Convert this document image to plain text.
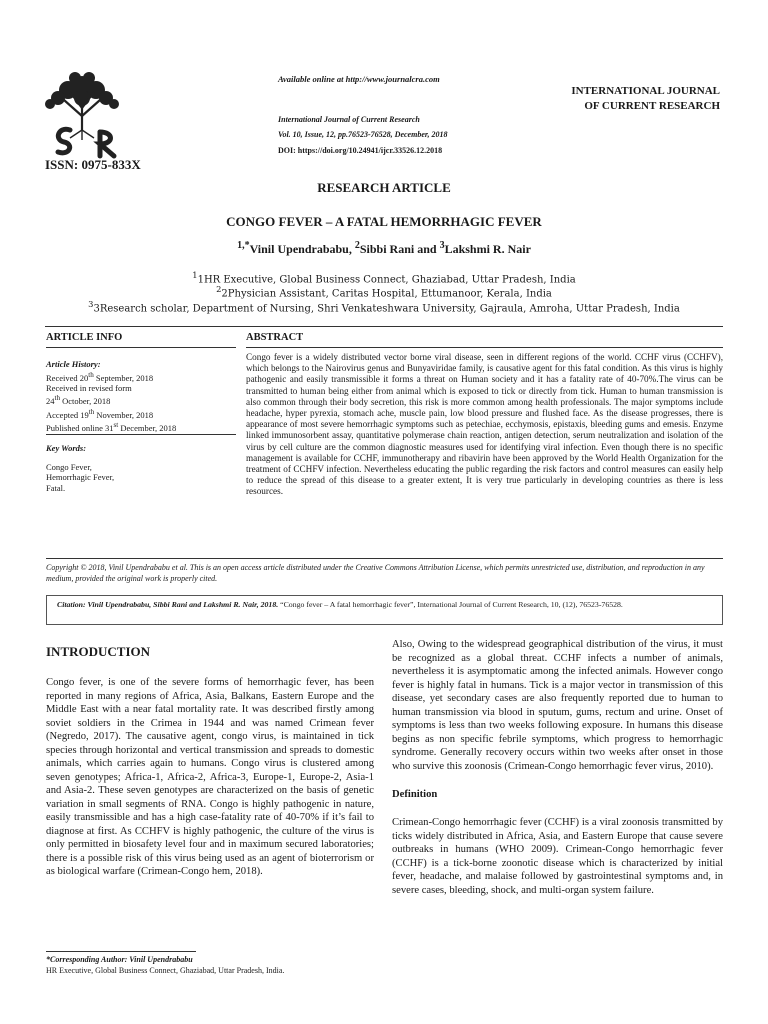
ISSN: 0975-833X
Available online at http://www.journalcra.com
International Journal of Current Research
Vol. 10, Issue, 12, pp.76523-76528, December, 2018
DOI: https://doi.org/10.24941/ijcr.33526.12.2018
INTERNATIONAL JOURNAL
OF CURRENT RESEARCH
RESEARCH ARTICLE
CONGO FEVER – A FATAL HEMORRHAGIC FEVER
$^{1,*}$Vinil Upendrababu, $^2$Sibbi Rani and $^3$Lakshmi R. Nair
$^1$1HR Executive, Global Business Connect, Ghaziabad, Uttar Pradesh, India
$^2$2Physician Assistant, Caritas Hospital, Ettumanoor, Kerala, India
$^3$3Research scholar, Department of Nursing, Shri Venkateshwara University, Gajraula, Amroha, Uttar Pradesh, India
ARTICLE INFO	ABSTRACT
Article History:
Received 20th September, 2018
Received in revised form
24th October, 2018
Accepted 19th November, 2018
Published online 31st December, 2018
Key Words:
Congo Fever,
Hemorrhagic Fever,
Fatal.
Congo fever is a widely distributed vector borne viral disease, seen in different regions of the world. CCHF virus (CCHFV), which belongs to the Nairovirus genus and Bunyaviridae family, is causative agent for this fatal condition. As this virus is highly pathogenic and easily transmissible it forms a threat on Human society and it has a fatality rate of 40-70%.The virus can be transmitted to human being either from animal which is exposed to tick or directly from tick. Human to human transmission is also common through their body secretion, this risk is more common among health professionals. The major symptoms include headache, hyper pyrexia, stomach ache, muscle pain, low blood pressure and flushed face. As the disease progresses, there is appearance of most severe hemorrhagic symptoms such as petechiae, ecchymosis, epistaxis, bleeding gums and emesis. Enzyme linked immunosorbent assay, quantitative polymerase chain reaction, antigen detection, serum neutralization and isolation of the virus by cell culture are the common diagnostic measures used for identifying viral infection. Even though there is no specific management is available for CCHF, immunotherapy and ribavirin have been approved by the World Health Organization for the treatment of CCHFV infection. Nevertheless educating the public regarding the risk factors and control measures can easily help to reduce the spread of this disease to a greater extent, It is very true particularly in developing countries as there is less resources.
Copyright © 2018, Vinil Upendrababu et al. This is an open access article distributed under the Creative Commons Attribution License, which permits unrestricted use, distribution, and reproduction in any medium, provided the original work is properly cited.
Citation: Vinil Upendrababu, Sibbi Rani and Lakshmi R. Nair, 2018. “Congo fever – A fatal hemorrhagic fever”, International Journal of Current Research, 10, (12), 76523-76528.
INTRODUCTION
Congo fever, is one of the severe forms of hemorrhagic fever, has been reported in many regions of Africa, Asia, Balkans, Eastern Europe and the Middle East with a near fatal mortality rate. It was described firstly among soviet soldiers in the Crimea in 1944 and was named Crimean fever (Negredo, 2017). The causative agent, congo virus, is maintained in tick species through horizontal and vertical transmission and spreads to domestic animals, which carries again to humans. Congo virus is clustered among seven genotypes; Africa-1, Africa-2, Africa-3, Europe-1, Europe-2, Asia-1 and Asia-2. These seven genotypes are characterized on the basis of genetic variation in small segments of RNA. Congo is highly pathogenic in nature, easily transmissible and has a high case-fatality rate of 40-70% if it’s fail to diagnose at first. As CCHFV is highly pathogenic, the culture of the virus is only permitted in biosafety level four and in maximum secured laboratories; there is a possible risk of this virus being used as an agent of bioterrorism or as biological warfare (Crimean-Congo hem, 2018).
Also, Owing to the widespread geographical distribution of the virus, it must be recognized as a global threat. CCHF infects a number of animals, nevertheless it is asymptomatic among the infected animals. However congo fever is highly fatal in humans. Tick is a major vector in transmission of this disease, yet secondary cases are also frequently reported due to human to human transmission via blood in sputum, gums, rectum and urine. Onset of symptoms is less than two weeks following exposure. In humans this disease begins as non specific febrile symptoms, which progress to hemorrhagic syndrome. Generally recovery occurs within two weeks after onset in those who survive this zoonosis (Crimean-Congo hemorrhagic fever virus, 2010).
Definition
Crimean-Congo hemorrhagic fever (CCHF) is a viral zoonosis transmitted by ticks widely distributed in Africa, Asia, and Eastern Europe that cause severe outbreaks in humans (WHO 2009). Crimean-Congo hemorrhagic fever (CCHF) is a tick-borne zoonotic disease which is characterized by initial fever, headache, and malaise followed by gastrointestinal symptoms and, in severe cases, bleeding, shock, and multi-organ system failure.
*Corresponding Author: Vinil Upendrababu
HR Executive, Global Business Connect, Ghaziabad, Uttar Pradesh, India.
